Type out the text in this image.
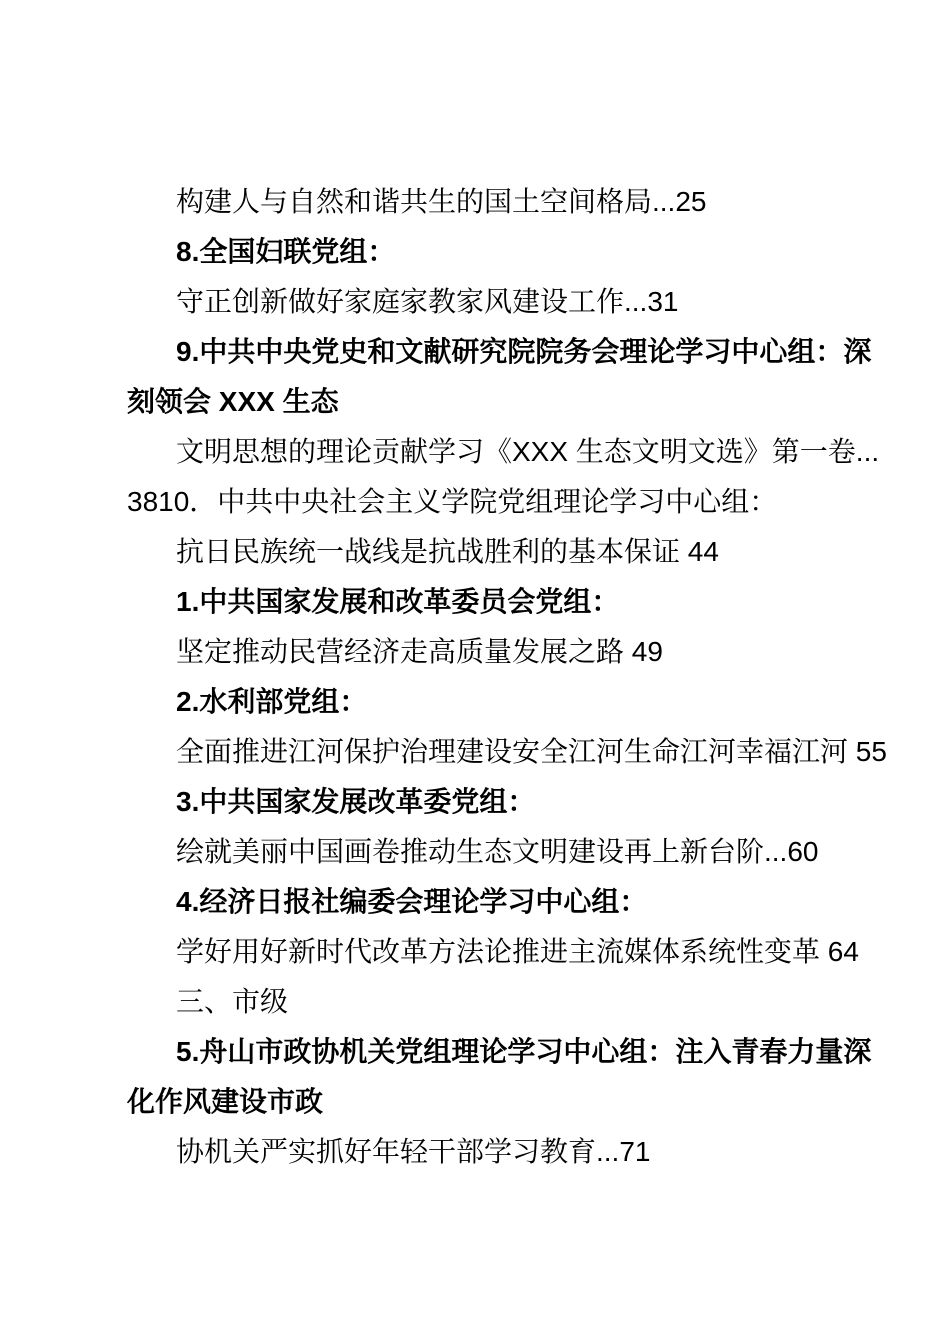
构建人与自然和谐共生的国土空间格局...25
8.全国妇联党组：
守正创新做好家庭家教家风建设工作...31
9.中共中央党史和文献研究院院务会理论学习中心组：深
刻领会 XXX 生态
文明思想的理论贡献学习《XXX 生态文明文选》第一卷...
3810．中共中央社会主义学院党组理论学习中心组：
抗日民族统一战线是抗战胜利的基本保证 44
1.中共国家发展和改革委员会党组：
坚定推动民营经济走高质量发展之路 49
2.水利部党组：
全面推进江河保护治理建设安全江河生命江河幸福江河 55
3.中共国家发展改革委党组：
绘就美丽中国画卷推动生态文明建设再上新台阶...60
4.经济日报社编委会理论学习中心组：
学好用好新时代改革方法论推进主流媒体系统性变革 64
三、市级
5.舟山市政协机关党组理论学习中心组：注入青春力量深
化作风建设市政
协机关严实抓好年轻干部学习教育...71
